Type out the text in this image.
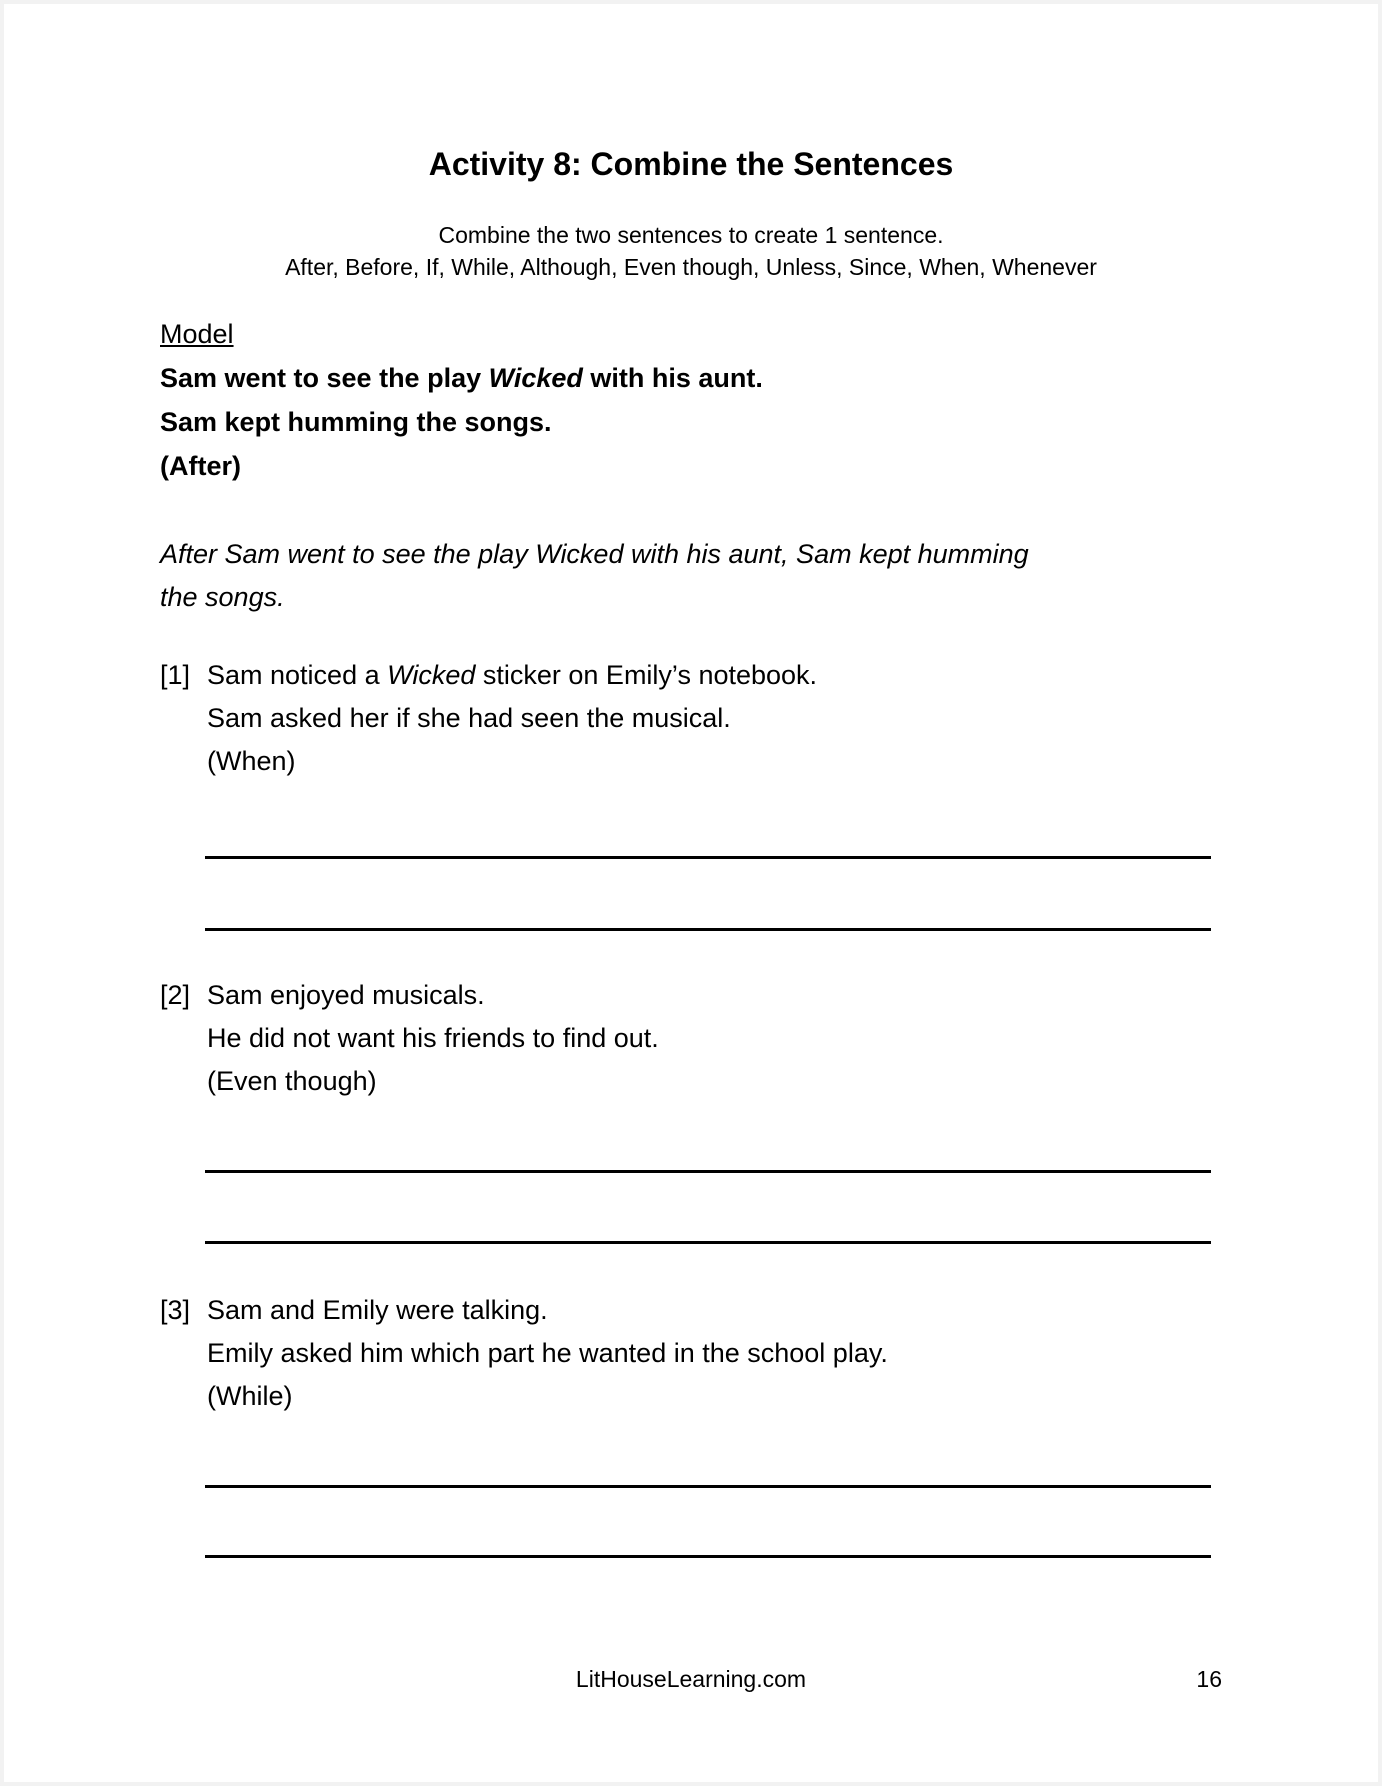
Activity 8: Combine the Sentences
Combine the two sentences to create 1 sentence.
After, Before, If, While, Although, Even though, Unless, Since, When, Whenever
Model
Sam went to see the play Wicked with his aunt.
Sam kept humming the songs.
(After)
After Sam went to see the play Wicked with his aunt, Sam kept humming
the songs.
[1] Sam noticed a Wicked sticker on Emily’s notebook.
Sam asked her if she had seen the musical.
(When)
[2] Sam enjoyed musicals.
He did not want his friends to find out.
(Even though)
[3] Sam and Emily were talking.
Emily asked him which part he wanted in the school play.
(While)
LitHouseLearning.com	16
